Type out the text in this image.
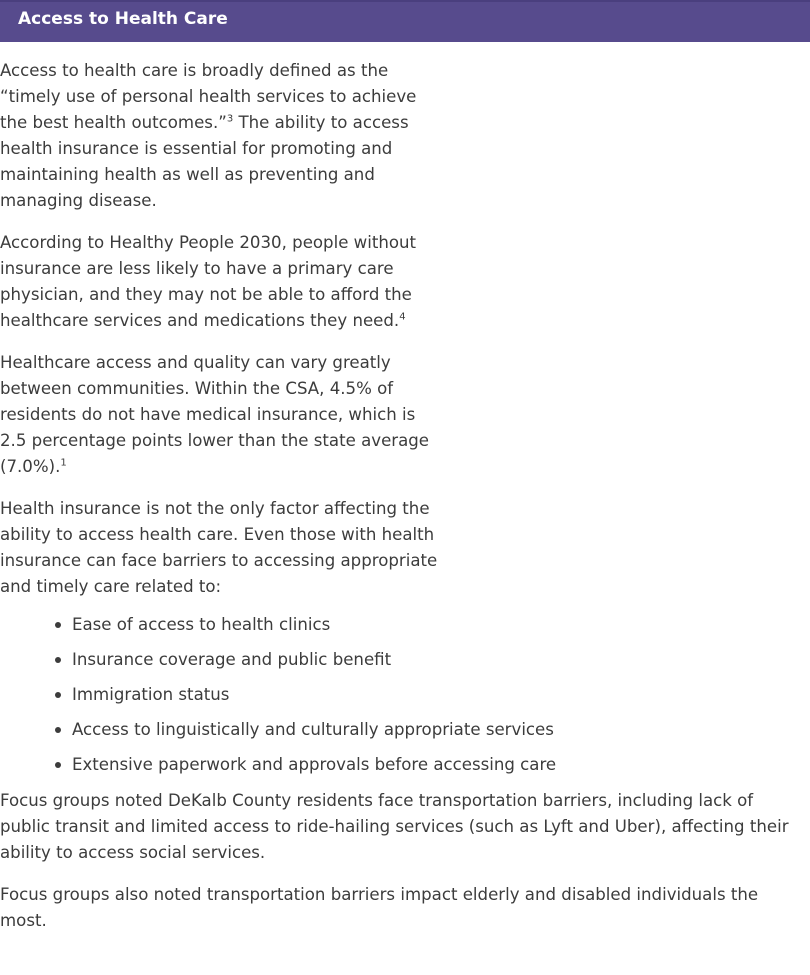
Access to Health Care

Access to health care is broadly defined as the “timely use of personal health services to achieve the best health outcomes.”$^3$ The ability to access health insurance is essential for promoting and maintaining health as well as preventing and managing disease.

According to Healthy People 2030, people without insurance are less likely to have a primary care physician, and they may not be able to afford the healthcare services and medications they need.$^4$

Healthcare access and quality can vary greatly between communities. Within the CSA, 4.5% of residents do not have medical insurance, which is 2.5 percentage points lower than the state average (7.0%).$^1$

Health insurance is not the only factor affecting the ability to access health care. Even those with health insurance can face barriers to accessing appropriate and timely care related to:

Ease of access to health clinics
Insurance coverage and public benefit
Immigration status
Access to linguistically and culturally appropriate services
Extensive paperwork and approvals before accessing care

Focus groups noted DeKalb County residents face transportation barriers, including lack of public transit and limited access to ride-hailing services (such as Lyft and Uber), affecting their ability to access social services.

Focus groups also noted transportation barriers impact elderly and disabled individuals the most.
